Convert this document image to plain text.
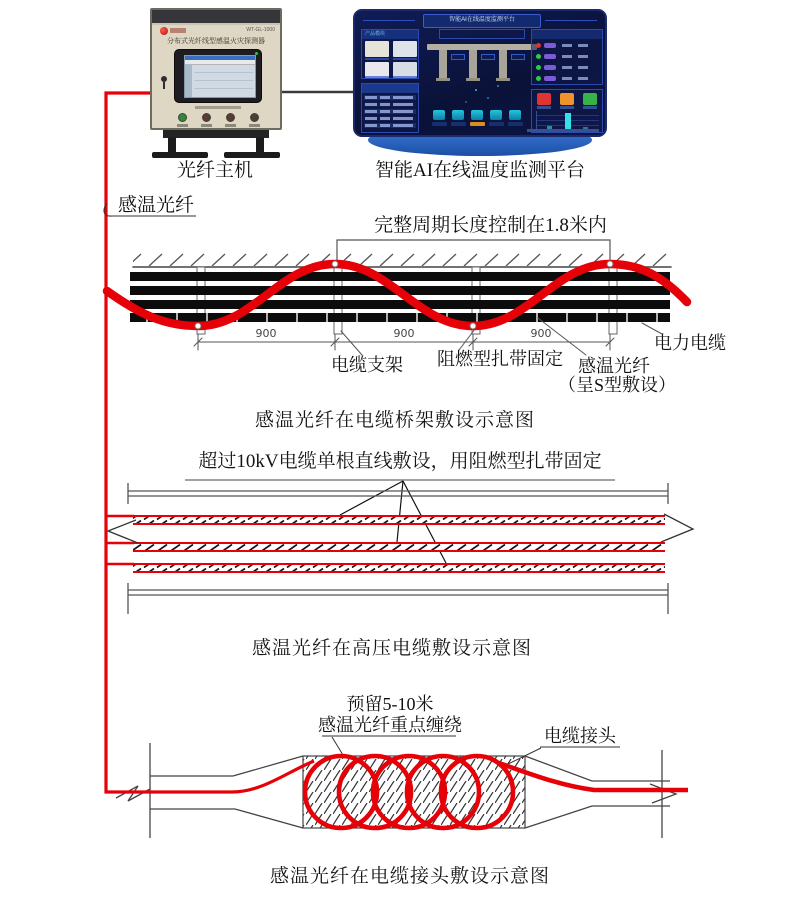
WT-GL-1000
分布式光纤线型感温火灾探测器
智能AI在线温度监测平台
产品模块
光纤主机	智能AI在线温度监测平台
感温光纤
完整周期长度控制在1.8米内
900	900	900
电缆支架 阻燃型扎带固定 感温光纤
（呈S型敷设）
电力电缆
感温光纤在电缆桥架敷设示意图
超过10kV电缆单根直线敷设，用阻燃型扎带固定
感温光纤在高压电缆敷设示意图
预留5-10米
感温光纤重点缠绕
电缆接头
感温光纤在电缆接头敷设示意图
